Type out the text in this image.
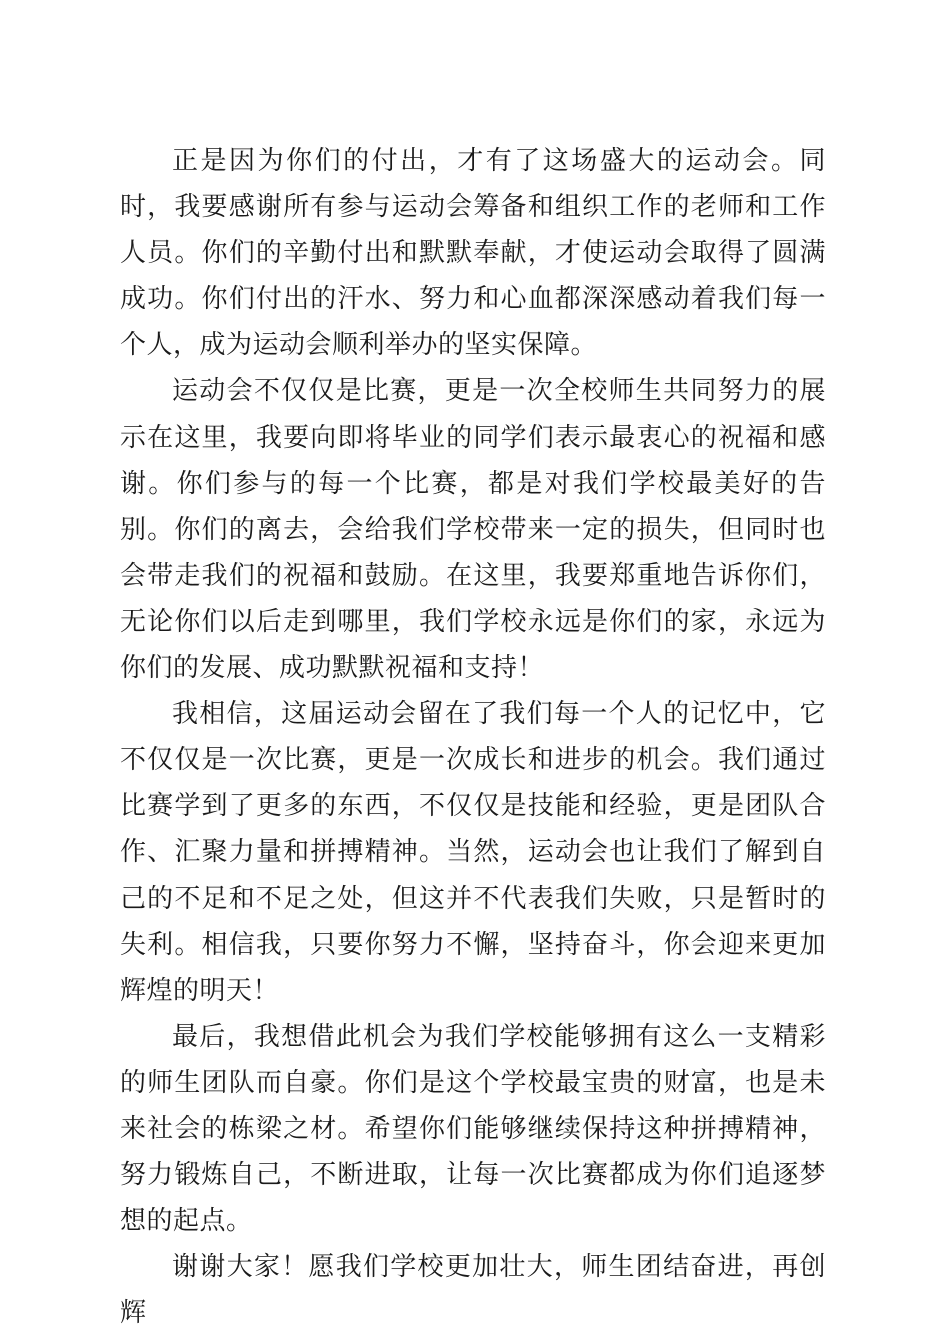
正是因为你们的付出，才有了这场盛大的运动会。同时，我要感谢所有参与运动会筹备和组织工作的老师和工作人员。你们的辛勤付出和默默奉献，才使运动会取得了圆满成功。你们付出的汗水、努力和心血都深深感动着我们每一个人，成为运动会顺利举办的坚实保障。

运动会不仅仅是比赛，更是一次全校师生共同努力的展示在这里，我要向即将毕业的同学们表示最衷心的祝福和感谢。你们参与的每一个比赛，都是对我们学校最美好的告别。你们的离去，会给我们学校带来一定的损失，但同时也会带走我们的祝福和鼓励。在这里，我要郑重地告诉你们，无论你们以后走到哪里，我们学校永远是你们的家，永远为你们的发展、成功默默祝福和支持！

我相信，这届运动会留在了我们每一个人的记忆中，它不仅仅是一次比赛，更是一次成长和进步的机会。我们通过比赛学到了更多的东西，不仅仅是技能和经验，更是团队合作、汇聚力量和拼搏精神。当然，运动会也让我们了解到自己的不足和不足之处，但这并不代表我们失败，只是暂时的失利。相信我，只要你努力不懈，坚持奋斗，你会迎来更加辉煌的明天！

最后，我想借此机会为我们学校能够拥有这么一支精彩的师生团队而自豪。你们是这个学校最宝贵的财富，也是未来社会的栋梁之材。希望你们能够继续保持这种拼搏精神，努力锻炼自己，不断进取，让每一次比赛都成为你们追逐梦想的起点。

谢谢大家！愿我们学校更加壮大，师生团结奋进，再创辉
